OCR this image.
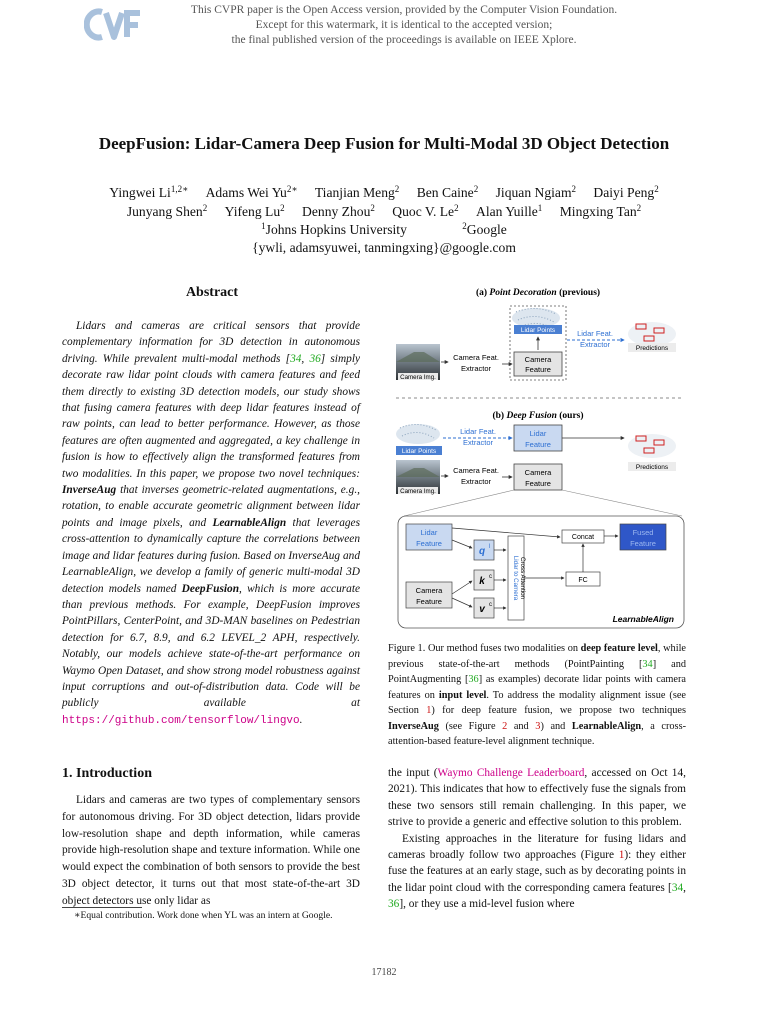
This CVPR paper is the Open Access version, provided by the Computer Vision Foundation.
Except for this watermark, it is identical to the accepted version;
the final published version of the proceedings is available on IEEE Xplore.
DeepFusion: Lidar-Camera Deep Fusion for Multi-Modal 3D Object Detection
Yingwei $Li^{1,2∗}$ Adams Wei $Yu^{2∗}$ Tianjian Meng$^2$ Ben Caine$^2$ Jiquan Ngiam$^2$ Daiyi Peng$^2$
Junyang Shen$^2$ Yifeng Lu$^2$ Denny Zhou$^2$ Quoc V. Le$^2$ Alan Yuille$^1$ Mingxing Tan$^2$
$^1$Johns Hopkins University	$^2$Google
{ywli, adamsyuwei, tanmingxing}@google.com
Abstract
Lidars and cameras are critical sensors that provide complementary information for 3D detection in autonomous driving. While prevalent multi-modal methods [34, 36] simply decorate raw lidar point clouds with camera features and feed them directly to existing 3D detection models, our study shows that fusing camera features with deep lidar features instead of raw points, can lead to better performance. However, as those features are often augmented and aggregated, a key challenge in fusion is how to effectively align the transformed features from two modalities. In this paper, we propose two novel techniques: InverseAug that inverses geometric-related augmentations, e.g., rotation, to enable accurate geometric alignment between lidar points and image pixels, and LearnableAlign that leverages cross-attention to dynamically capture the correlations between image and lidar features during fusion. Based on InverseAug and LearnableAlign, we develop a family of generic multi-modal 3D detection models named DeepFusion, which is more accurate than previous methods. For example, DeepFusion improves PointPillars, CenterPoint, and 3D-MAN baselines on Pedestrian detection for 6.7, 8.9, and 6.2 LEVEL_2 APH, respectively. Notably, our models achieve state-of-the-art performance on Waymo Open Dataset, and show strong model robustness against input corruptions and out-of-distribution data. Code will be publicly available at https://github.com/tensorflow/lingvo.
1. Introduction
Lidars and cameras are two types of complementary sensors for autonomous driving. For 3D object detection, lidars provide low-resolution shape and depth information, while cameras provide high-resolution shape and texture information. While one would expect the combination of both sensors to provide the best 3D object detector, it turns out that most state-of-the-art 3D object detectors use only lidar as
∗Equal contribution. Work done when YL was an intern at Google.
(a) Point Decoration (previous)
Lidar Points
Camera
Feature
Camera Img.
Camera Feat.
Extractor
Lidar Feat.
Extractor	Predictions
(b) Deep Fusion (ours)
Lidar Points
Lidar Feat.
Extractor
Lidar
Feature
Camera Img.
Camera Feat.
Extractor
Camera
Feature
Predictions
Lidar
Feature
Camera
Feature
q l
k c
v c
Lidar to Camera Cross Attention	FC
Concat
Fused
Feature
LearnableAlign
Figure 1. Our method fuses two modalities on deep feature level, while previous state-of-the-art methods (PointPainting [34] and PointAugmenting [36] as examples) decorate lidar points with camera features on input level. To address the modality alignment issue (see Section 1) for deep feature fusion, we propose two techniques InverseAug (see Figure 2 and 3) and LearnableAlign, a cross-attention-based feature-level alignment technique.

the input (Waymo Challenge Leaderboard, accessed on Oct 14, 2021). This indicates that how to effectively fuse the signals from these two sensors still remain challenging. In this paper, we strive to provide a generic and effective solution to this problem.

Existing approaches in the literature for fusing lidars and cameras broadly follow two approaches (Figure 1): they either fuse the features at an early stage, such as by decorating points in the lidar point cloud with the corresponding camera features [34, 36], or they use a mid-level fusion where

17182
